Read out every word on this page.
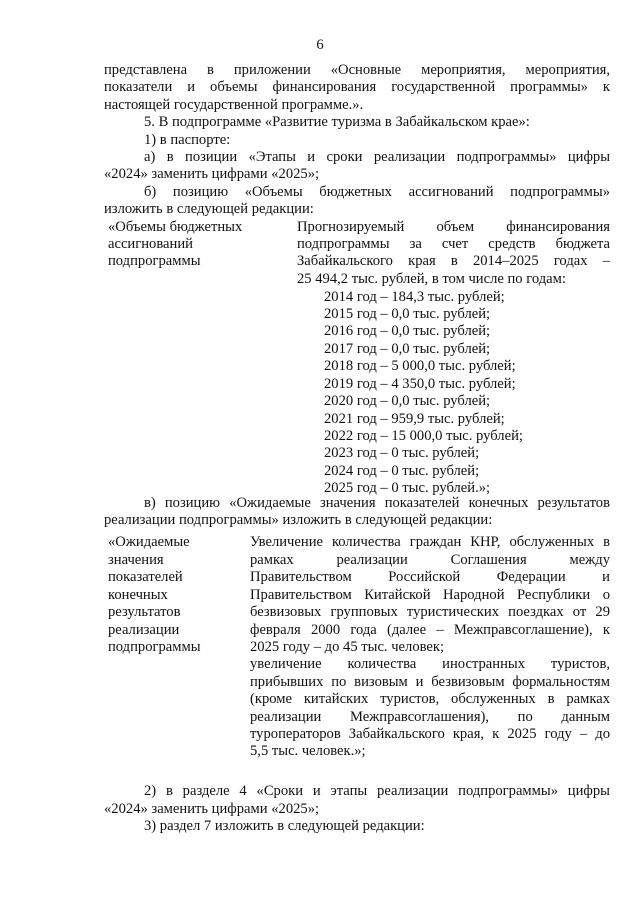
6

представлена в приложении «Основные мероприятия, мероприятия,

показатели и объемы финансирования государственной программы» к

настоящей государственной программе.».

5. В подпрограмме «Развитие туризма в Забайкальском крае»:

1) в паспорте:

а) в позиции «Этапы и сроки реализации подпрограммы» цифры

«2024» заменить цифрами «2025»;

б) позицию «Объемы бюджетных ассигнований подпрограммы»

изложить в следующей редакции:

«Объемы бюджетных
ассигнований
подпрограммы

Прогнозируемый объем финансирования

подпрограммы за счет средств бюджета

Забайкальского края в 2014–2025 годах –

25 494,2 тыс. рублей, в том числе по годам:

2014 год – 184,3 тыс. рублей;
2015 год – 0,0 тыс. рублей;
2016 год – 0,0 тыс. рублей;
2017 год – 0,0 тыс. рублей;
2018 год – 5 000,0 тыс. рублей;
2019 год – 4 350,0 тыс. рублей;
2020 год – 0,0 тыс. рублей;
2021 год – 959,9 тыс. рублей;
2022 год – 15 000,0 тыс. рублей;
2023 год – 0 тыс. рублей;
2024 год – 0 тыс. рублей;
2025 год – 0 тыс. рублей.»;

в) позицию «Ожидаемые значения показателей конечных результатов

реализации подпрограммы» изложить в следующей редакции:

«Ожидаемые
значения
показателей
конечных
результатов
реализации
подпрограммы

Увеличение количества граждан КНР, обслуженных в

рамках реализации Соглашения между

Правительством Российской Федерации и

Правительством Китайской Народной Республики о

безвизовых групповых туристических поездках от 29

февраля 2000 года (далее – Межправсоглашение), к

2025 году – до 45 тыс. человек;

увеличение количества иностранных туристов,

прибывших по визовым и безвизовым формальностям

(кроме китайских туристов, обслуженных в рамках

реализации Межправсоглашения), по данным

туроператоров Забайкальского края, к 2025 году – до

5,5 тыс. человек.»;

2) в разделе 4 «Сроки и этапы реализации подпрограммы» цифры

«2024» заменить цифрами «2025»;

3) раздел 7 изложить в следующей редакции:
